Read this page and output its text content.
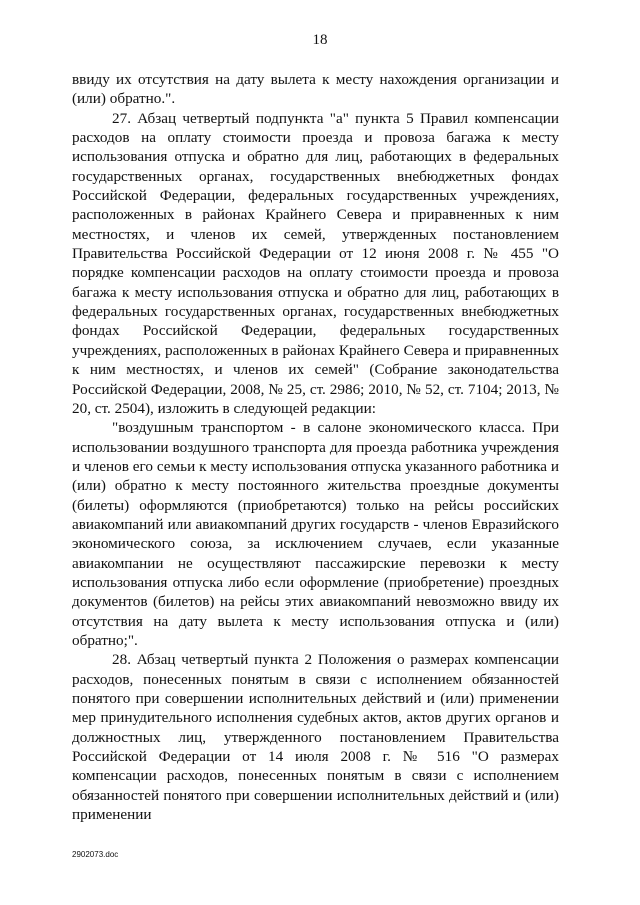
18

ввиду их отсутствия на дату вылета к месту нахождения организации и (или) обратно.".

27. Абзац четвертый подпункта "а" пункта 5 Правил компенсации расходов на оплату стоимости проезда и провоза багажа к месту использования отпуска и обратно для лиц, работающих в федеральных государственных органах, государственных внебюджетных фондах Российской Федерации, федеральных государственных учреждениях, расположенных в районах Крайнего Севера и приравненных к ним местностях, и членов их семей, утвержденных постановлением Правительства Российской Федерации от 12 июня 2008 г. № 455 "О порядке компенсации расходов на оплату стоимости проезда и провоза багажа к месту использования отпуска и обратно для лиц, работающих в федеральных государственных органах, государственных внебюджетных фондах Российской Федерации, федеральных государственных учреждениях, расположенных в районах Крайнего Севера и приравненных к ним местностях, и членов их семей" (Собрание законодательства Российской Федерации, 2008, № 25, ст. 2986; 2010, № 52, ст. 7104; 2013, № 20, ст. 2504), изложить в следующей редакции:

"воздушным транспортом - в салоне экономического класса. При использовании воздушного транспорта для проезда работника учреждения и членов его семьи к месту использования отпуска указанного работника и (или) обратно к месту постоянного жительства проездные документы (билеты) оформляются (приобретаются) только на рейсы российских авиакомпаний или авиакомпаний других государств - членов Евразийского экономического союза, за исключением случаев, если указанные авиакомпании не осуществляют пассажирские перевозки к месту использования отпуска либо если оформление (приобретение) проездных документов (билетов) на рейсы этих авиакомпаний невозможно ввиду их отсутствия на дату вылета к месту использования отпуска и (или) обратно;".

28. Абзац четвертый пункта 2 Положения о размерах компенсации расходов, понесенных понятым в связи с исполнением обязанностей понятого при совершении исполнительных действий и (или) применении мер принудительного исполнения судебных актов, актов других органов и должностных лиц, утвержденного постановлением Правительства Российской Федерации от 14 июля 2008 г. № 516 "О размерах компенсации расходов, понесенных понятым в связи с исполнением обязанностей понятого при совершении исполнительных действий и (или) применении

2902073.doc
